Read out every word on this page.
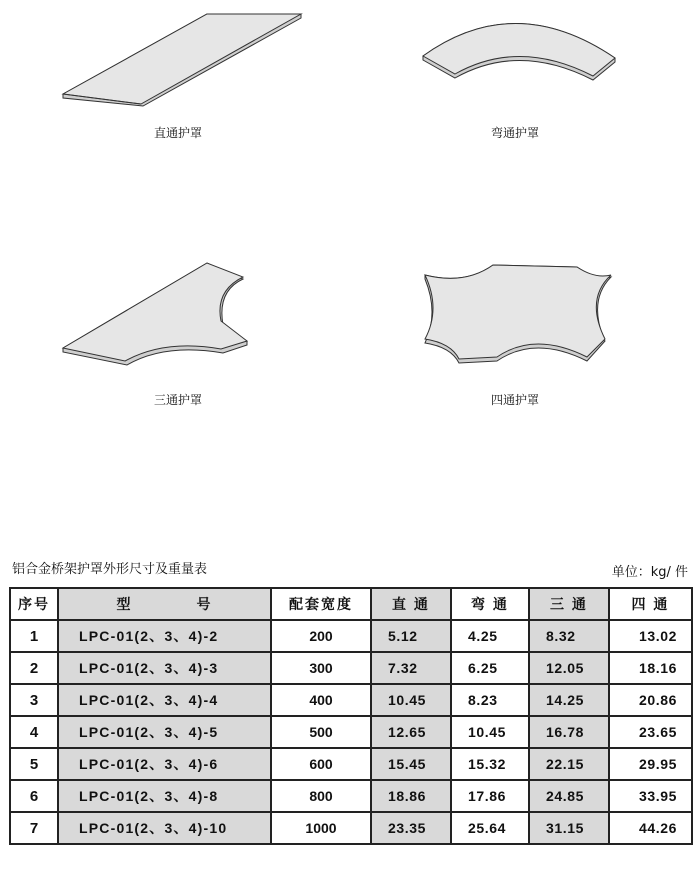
直通护罩	弯通护罩
三通护罩	四通护罩
铝合金桥架护罩外形尺寸及重量表	单位：kg/ 件
序号	型　　　　号	配套宽度	直 通	弯 通	三 通	四 通
1	LPC-01(2、3、4)-2	200	5.12	4.25	8.32	13.02
2	LPC-01(2、3、4)-3	300	7.32	6.25	12.05	18.16
3	LPC-01(2、3、4)-4	400	10.45	8.23	14.25	20.86
4	LPC-01(2、3、4)-5	500	12.65	10.45	16.78	23.65
5	LPC-01(2、3、4)-6	600	15.45	15.32	22.15	29.95
6	LPC-01(2、3、4)-8	800	18.86	17.86	24.85	33.95
7	LPC-01(2、3、4)-10	1000	23.35	25.64	31.15	44.26
